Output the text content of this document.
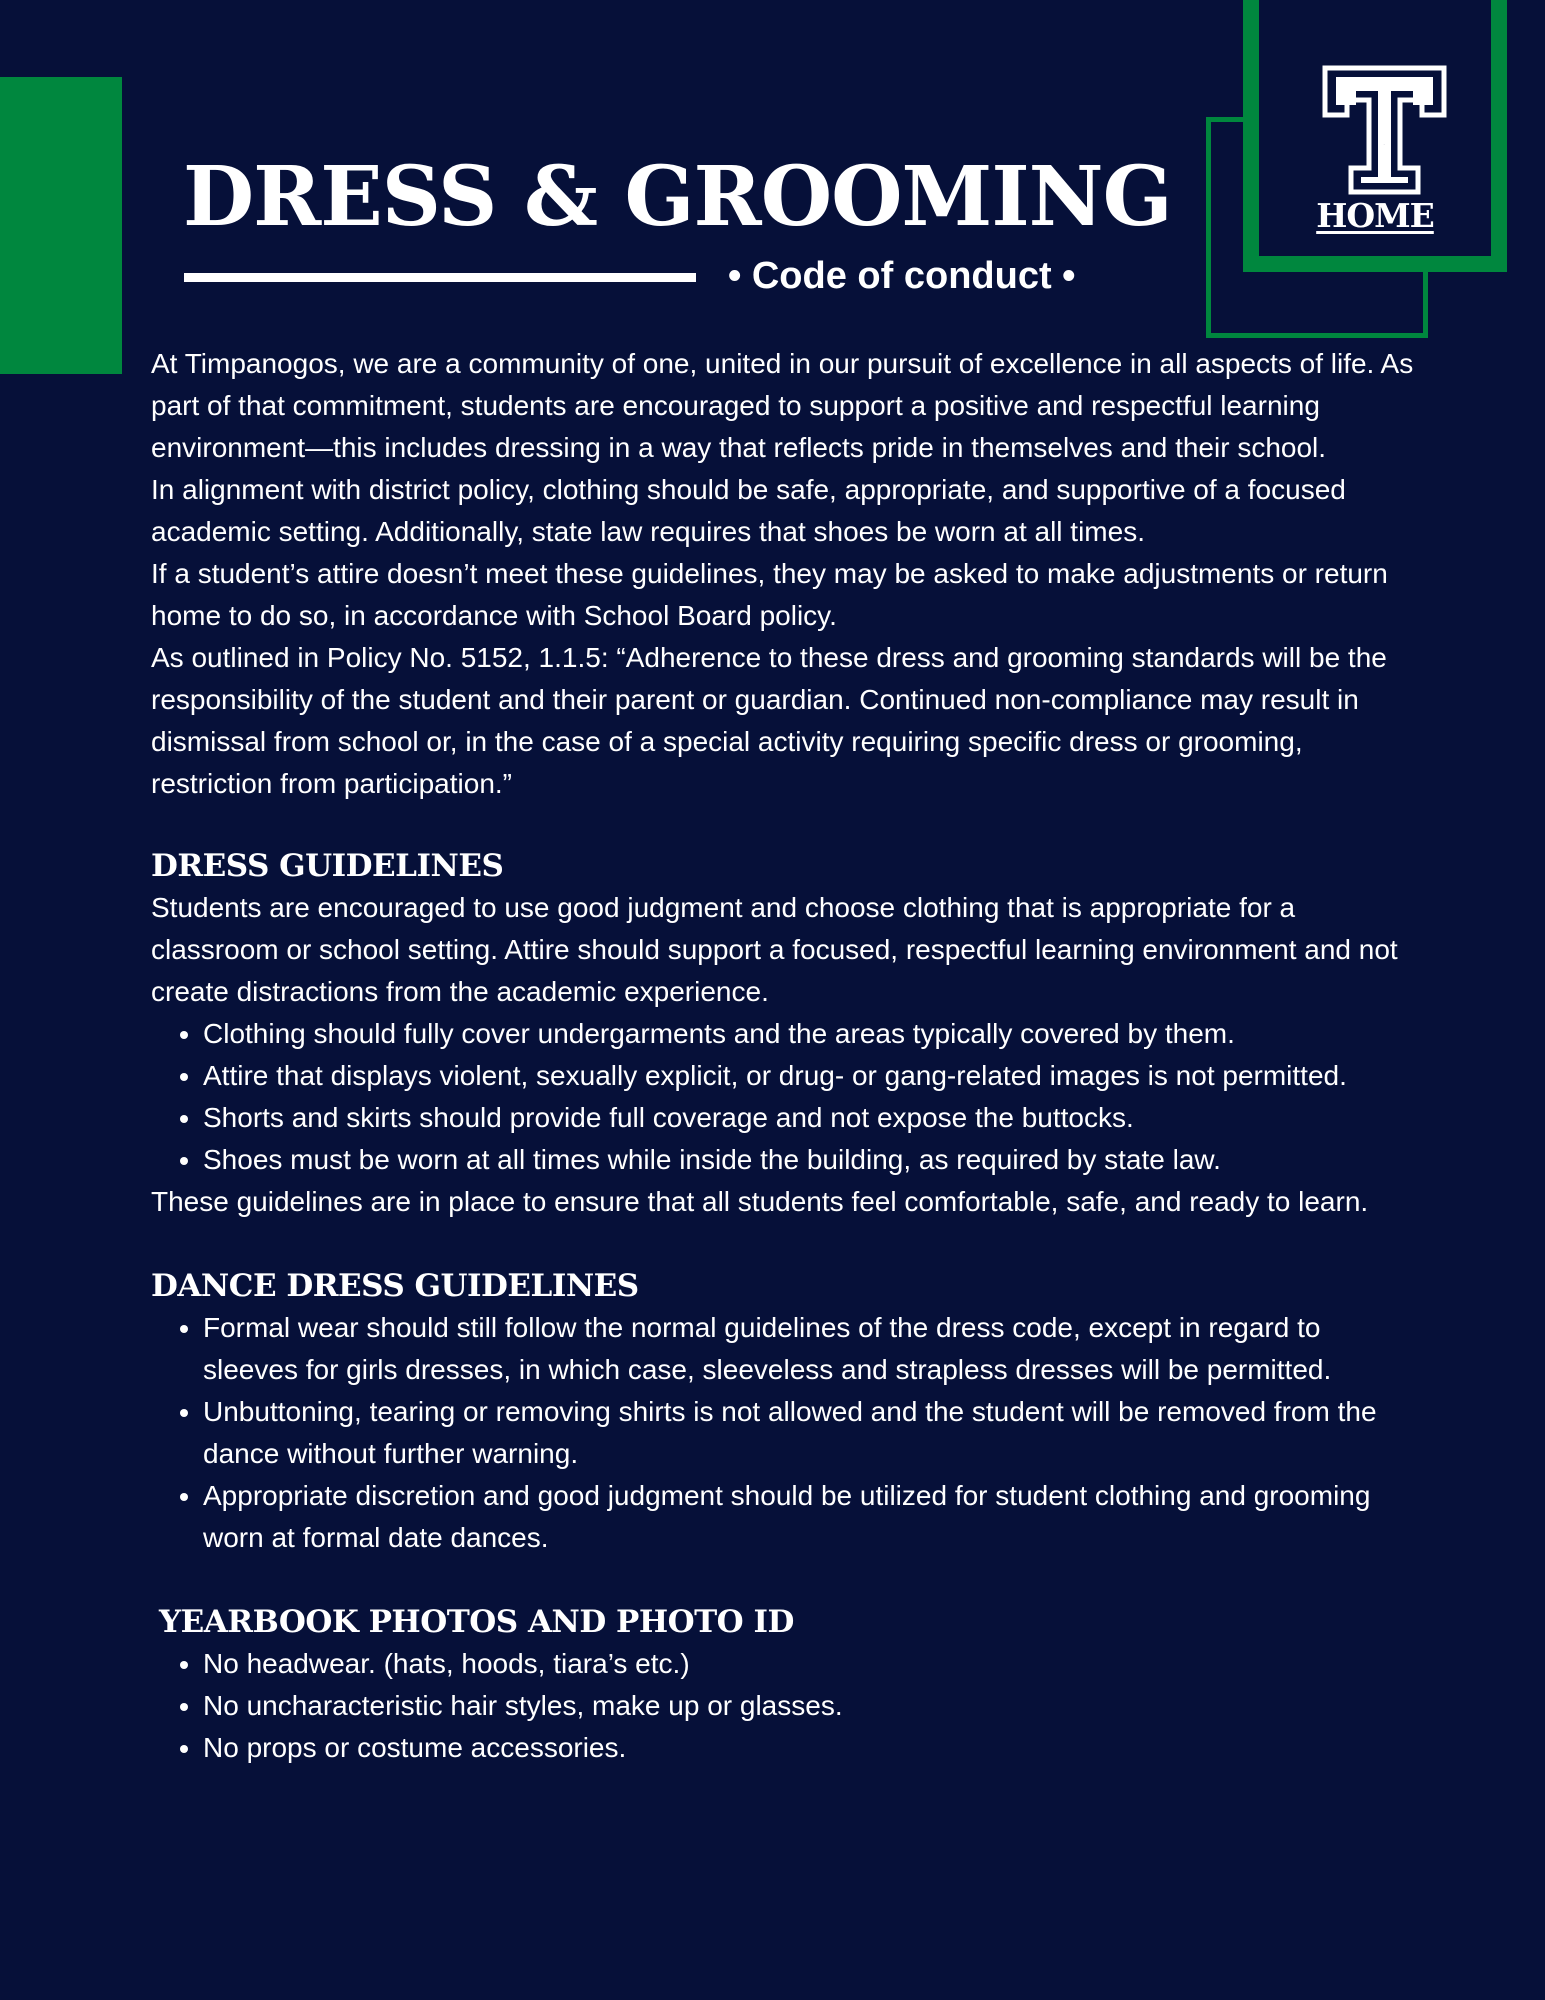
DRESS & GROOMING
• Code of conduct •
T
HOME

At Timpanogos, we are a community of one, united in our pursuit of excellence in all aspects of life. As part of that commitment, students are encouraged to support a positive and respectful learning environment—this includes dressing in a way that reflects pride in themselves and their school.

In alignment with district policy, clothing should be safe, appropriate, and supportive of a focused academic setting. Additionally, state law requires that shoes be worn at all times.

If a student’s attire doesn’t meet these guidelines, they may be asked to make adjustments or return home to do so, in accordance with School Board policy.

As outlined in Policy No. 5152, 1.1.5: “Adherence to these dress and grooming standards will be the responsibility of the student and their parent or guardian. Continued non-compliance may result in dismissal from school or, in the case of a special activity requiring specific dress or grooming, restriction from participation.”

DRESS GUIDELINES

Students are encouraged to use good judgment and choose clothing that is appropriate for a classroom or school setting. Attire should support a focused, respectful learning environment and not create distractions from the academic experience.

• Clothing should fully cover undergarments and the areas typically covered by them.
• Attire that displays violent, sexually explicit, or drug- or gang-related images is not permitted.
• Shorts and skirts should provide full coverage and not expose the buttocks.
• Shoes must be worn at all times while inside the building, as required by state law.

These guidelines are in place to ensure that all students feel comfortable, safe, and ready to learn.

DANCE DRESS GUIDELINES
• Formal wear should still follow the normal guidelines of the dress code, except in regard to sleeves for girls dresses, in which case, sleeveless and strapless dresses will be permitted.
• Unbuttoning, tearing or removing shirts is not allowed and the student will be removed from the dance without further warning.
• Appropriate discretion and good judgment should be utilized for student clothing and grooming worn at formal date dances.
YEARBOOK PHOTOS AND PHOTO ID
• No headwear. (hats, hoods, tiara’s etc.)
• No uncharacteristic hair styles, make up or glasses.
• No props or costume accessories.
